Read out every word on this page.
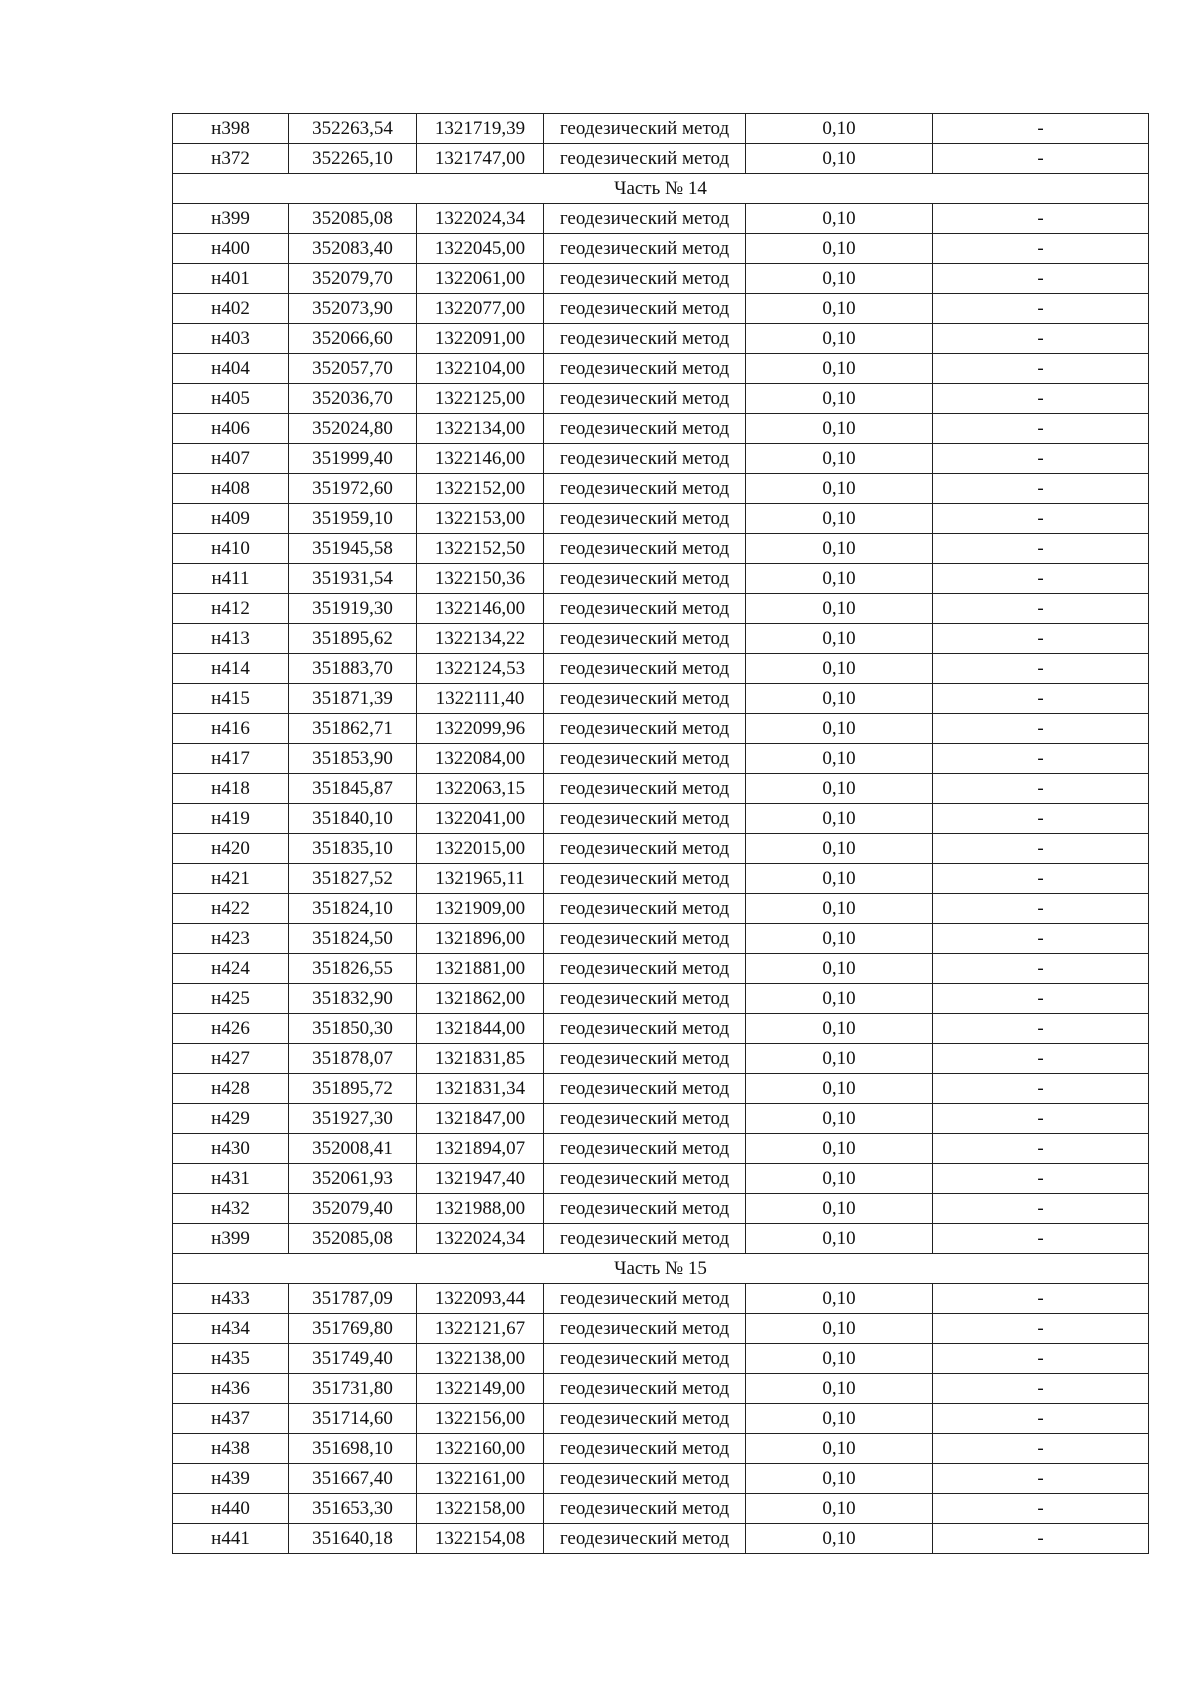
н398	352263,54	1321719,39	геодезический метод	0,10	-
н372	352265,10	1321747,00	геодезический метод	0,10	-
Часть № 14					
н399	352085,08	1322024,34	геодезический метод	0,10	-
н400	352083,40	1322045,00	геодезический метод	0,10	-
н401	352079,70	1322061,00	геодезический метод	0,10	-
н402	352073,90	1322077,00	геодезический метод	0,10	-
н403	352066,60	1322091,00	геодезический метод	0,10	-
н404	352057,70	1322104,00	геодезический метод	0,10	-
н405	352036,70	1322125,00	геодезический метод	0,10	-
н406	352024,80	1322134,00	геодезический метод	0,10	-
н407	351999,40	1322146,00	геодезический метод	0,10	-
н408	351972,60	1322152,00	геодезический метод	0,10	-
н409	351959,10	1322153,00	геодезический метод	0,10	-
н410	351945,58	1322152,50	геодезический метод	0,10	-
н411	351931,54	1322150,36	геодезический метод	0,10	-
н412	351919,30	1322146,00	геодезический метод	0,10	-
н413	351895,62	1322134,22	геодезический метод	0,10	-
н414	351883,70	1322124,53	геодезический метод	0,10	-
н415	351871,39	1322111,40	геодезический метод	0,10	-
н416	351862,71	1322099,96	геодезический метод	0,10	-
н417	351853,90	1322084,00	геодезический метод	0,10	-
н418	351845,87	1322063,15	геодезический метод	0,10	-
н419	351840,10	1322041,00	геодезический метод	0,10	-
н420	351835,10	1322015,00	геодезический метод	0,10	-
н421	351827,52	1321965,11	геодезический метод	0,10	-
н422	351824,10	1321909,00	геодезический метод	0,10	-
н423	351824,50	1321896,00	геодезический метод	0,10	-
н424	351826,55	1321881,00	геодезический метод	0,10	-
н425	351832,90	1321862,00	геодезический метод	0,10	-
н426	351850,30	1321844,00	геодезический метод	0,10	-
н427	351878,07	1321831,85	геодезический метод	0,10	-
н428	351895,72	1321831,34	геодезический метод	0,10	-
н429	351927,30	1321847,00	геодезический метод	0,10	-
н430	352008,41	1321894,07	геодезический метод	0,10	-
н431	352061,93	1321947,40	геодезический метод	0,10	-
н432	352079,40	1321988,00	геодезический метод	0,10	-
н399	352085,08	1322024,34	геодезический метод	0,10	-
Часть № 15					
н433	351787,09	1322093,44	геодезический метод	0,10	-
н434	351769,80	1322121,67	геодезический метод	0,10	-
н435	351749,40	1322138,00	геодезический метод	0,10	-
н436	351731,80	1322149,00	геодезический метод	0,10	-
н437	351714,60	1322156,00	геодезический метод	0,10	-
н438	351698,10	1322160,00	геодезический метод	0,10	-
н439	351667,40	1322161,00	геодезический метод	0,10	-
н440	351653,30	1322158,00	геодезический метод	0,10	-
н441	351640,18	1322154,08	геодезический метод	0,10	-
